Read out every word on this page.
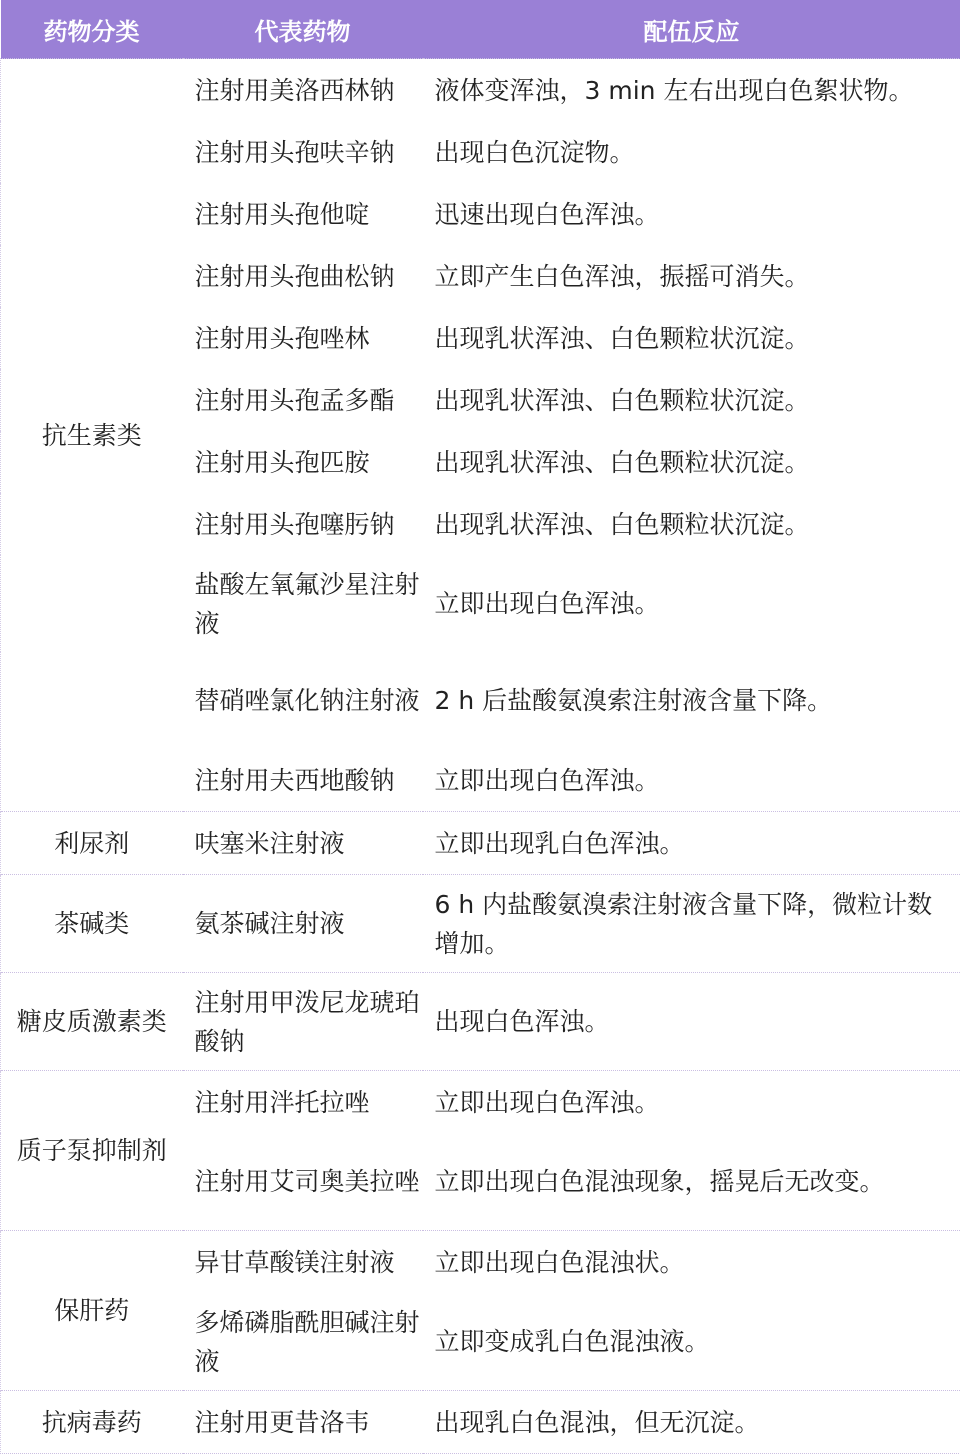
药物分类	代表药物	配伍反应
抗生素类	注射用美洛西林钠	液体变浑浊，3 min 左右出现白色絮状物。
	注射用头孢呋辛钠	出现白色沉淀物。
	注射用头孢他啶	迅速出现白色浑浊。
	注射用头孢曲松钠	立即产生白色浑浊，振摇可消失。
	注射用头孢唑林	出现乳状浑浊、白色颗粒状沉淀。
	注射用头孢孟多酯	出现乳状浑浊、白色颗粒状沉淀。
	注射用头孢匹胺	出现乳状浑浊、白色颗粒状沉淀。
	注射用头孢噻肟钠	出现乳状浑浊、白色颗粒状沉淀。
	盐酸左氧氟沙星注射液	立即出现白色浑浊。
	替硝唑氯化钠注射液	2 h 后盐酸氨溴索注射液含量下降。
	注射用夫西地酸钠	立即出现白色浑浊。
利尿剂	呋塞米注射液	立即出现乳白色浑浊。
茶碱类	氨茶碱注射液	6 h 内盐酸氨溴索注射液含量下降，微粒计数增加。
糖皮质激素类	注射用甲泼尼龙琥珀酸钠	出现白色浑浊。
质子泵抑制剂	注射用泮托拉唑	立即出现白色浑浊。
	注射用艾司奥美拉唑	立即出现白色混浊现象，摇晃后无改变。
保肝药	异甘草酸镁注射液	立即出现白色混浊状。
	多烯磷脂酰胆碱注射液	立即变成乳白色混浊液。
抗病毒药	注射用更昔洛韦	出现乳白色混浊，但无沉淀。
